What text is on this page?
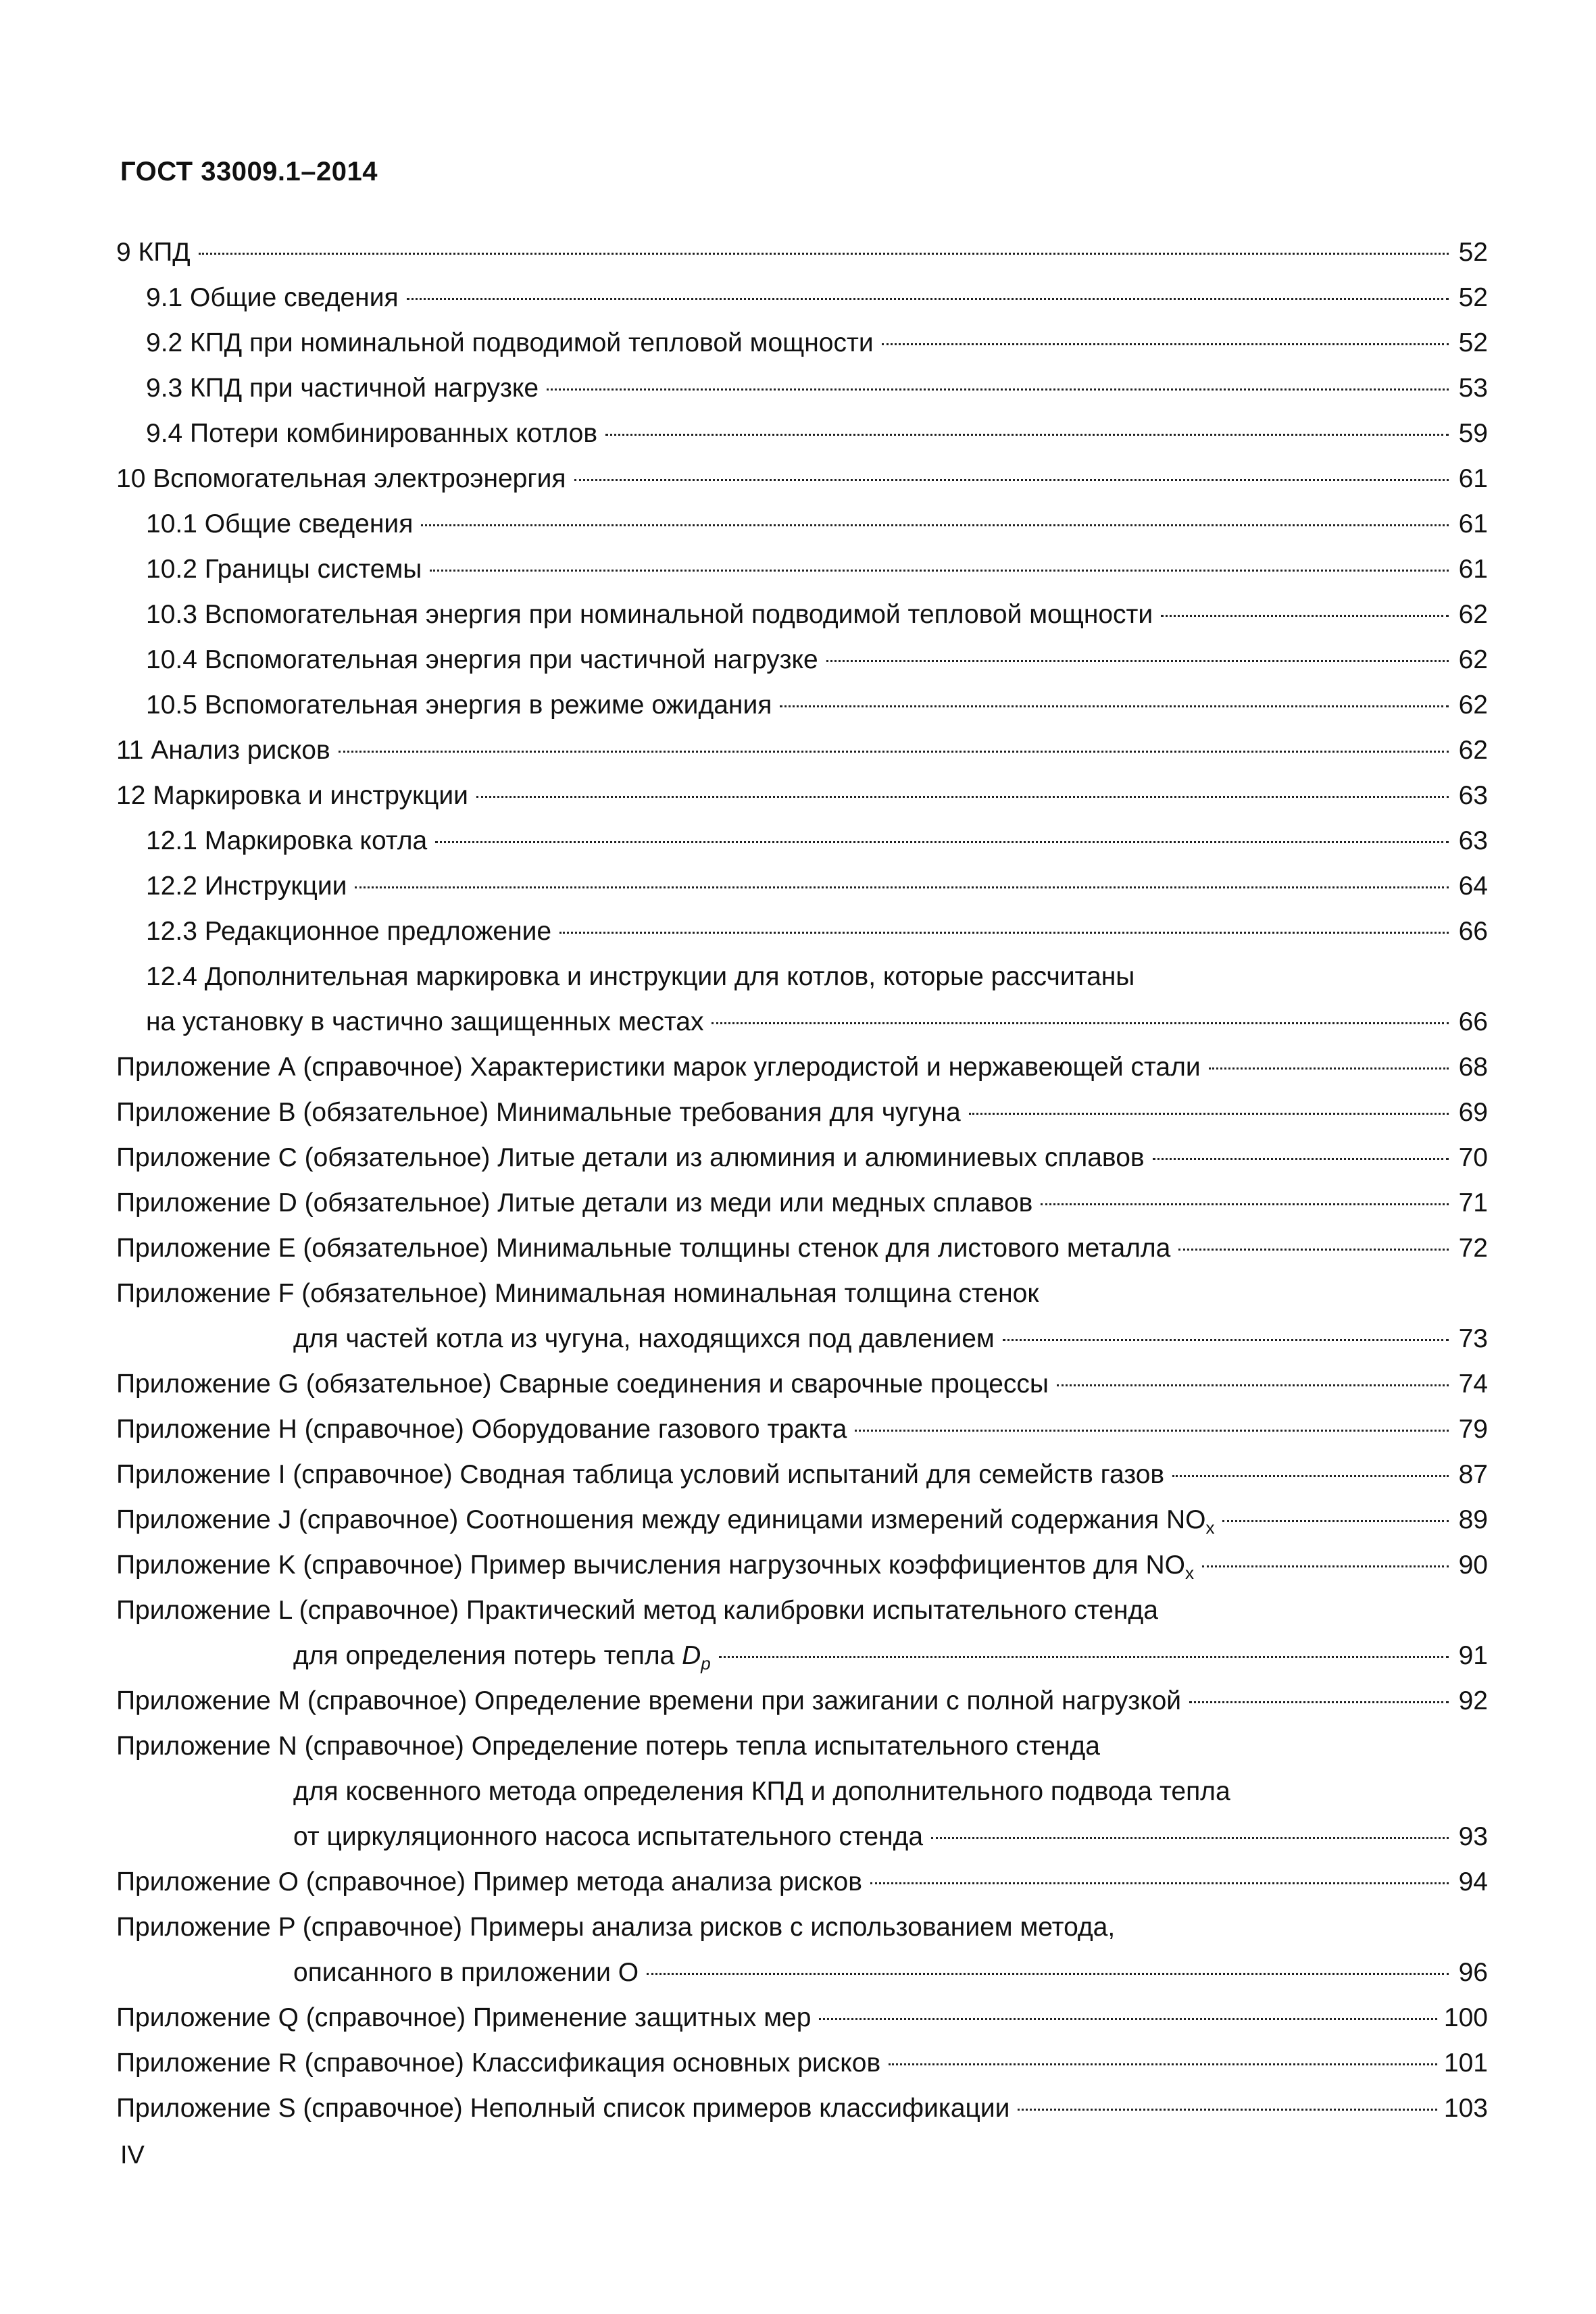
ГОСТ 33009.1–2014
9 КПД	52
9.1 Общие сведения	52
9.2 КПД при номинальной подводимой тепловой мощности	52
9.3 КПД при частичной нагрузке	53
9.4 Потери комбинированных котлов	59
10 Вспомогательная электроэнергия	61
10.1 Общие сведения	61
10.2 Границы системы	61
10.3 Вспомогательная энергия при номинальной подводимой тепловой мощности	62
10.4 Вспомогательная энергия при частичной нагрузке	62
10.5 Вспомогательная энергия в режиме ожидания	62
11 Анализ рисков	62
12 Маркировка и инструкции	63
12.1 Маркировка котла	63
12.2 Инструкции	64
12.3 Редакционное предложение	66
12.4 Дополнительная маркировка и инструкции для котлов, которые рассчитаны
на установку в частично защищенных местах	66
Приложение А (справочное) Характеристики марок углеродистой и нержавеющей стали	68
Приложение В (обязательное) Минимальные требования для чугуна	69
Приложение С (обязательное) Литые детали из алюминия и алюминиевых сплавов	70
Приложение D (обязательное) Литые детали из меди или медных сплавов	71
Приложение Е (обязательное) Минимальные толщины стенок для листового металла	72
Приложение F (обязательное) Минимальная номинальная толщина стенок
для частей котла из чугуна, находящихся под давлением	73
Приложение G (обязательное) Сварные соединения и сварочные процессы	74
Приложение Н (справочное) Оборудование газового тракта	79
Приложение I (справочное) Сводная таблица условий испытаний для семейств газов	87
Приложение J (справочное) Соотношения между единицами измерений содержания $NO_x$	89
Приложение K (справочное) Пример вычисления нагрузочных коэффициентов для $NO_x$	90
Приложение L (справочное) Практический метод калибровки испытательного стенда
для определения потерь тепла $D_p$	91
Приложение М (справочное) Определение времени при зажигании с полной нагрузкой	92
Приложение N (справочное) Определение потерь тепла испытательного стенда
для косвенного метода определения КПД и дополнительного подвода тепла
от циркуляционного насоса испытательного стенда	93
Приложение О (справочное) Пример метода анализа рисков	94
Приложение P (справочное) Примеры анализа рисков с использованием метода,
описанного в приложении О	96
Приложение Q (справочное) Применение защитных мер	100
Приложение R (справочное) Классификация основных рисков	101
Приложение S (справочное) Неполный список примеров классификации	103
IV
